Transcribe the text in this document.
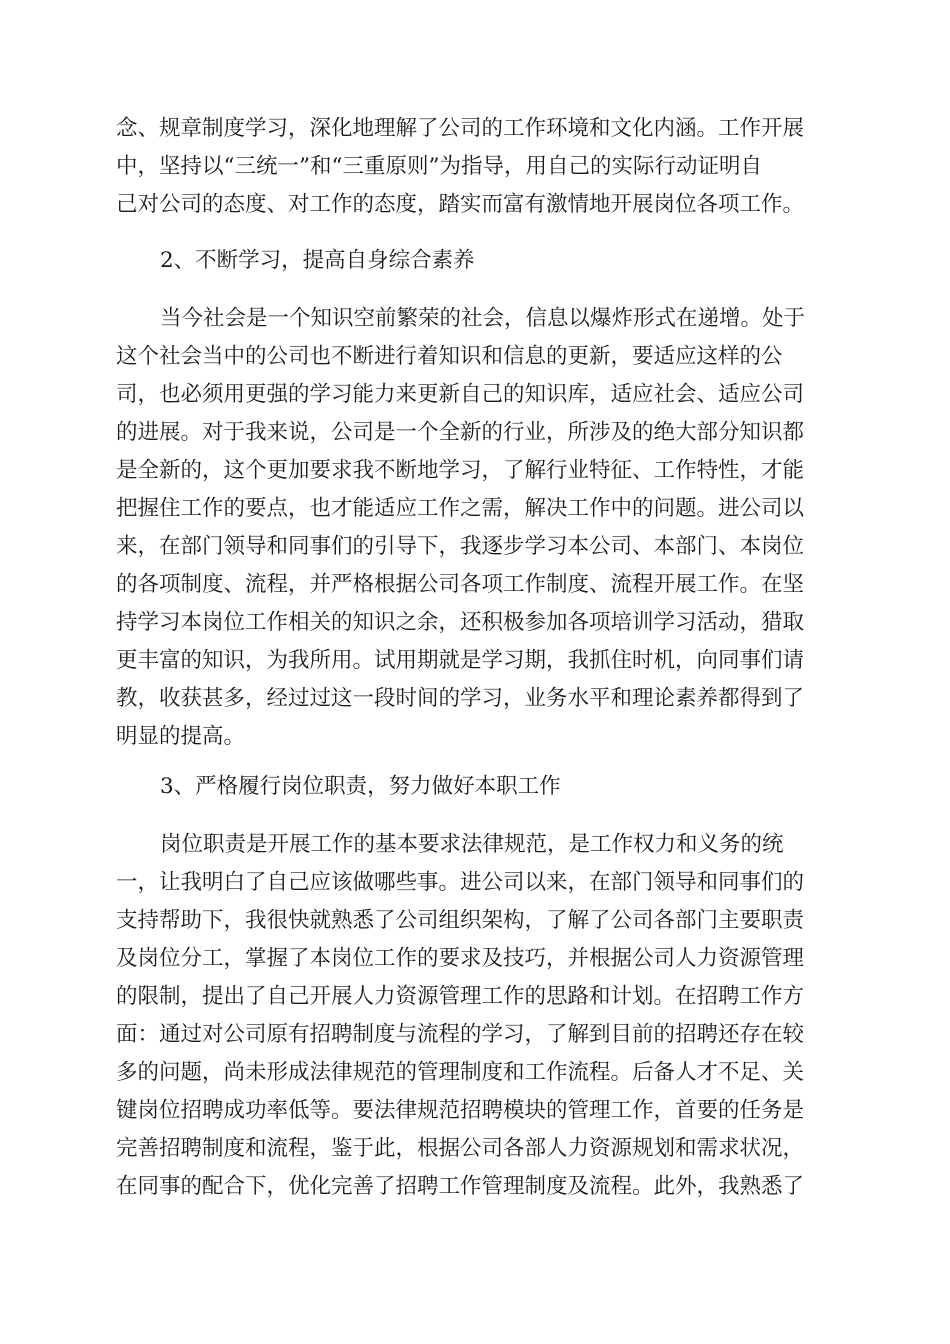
念、规章制度学习，深化地理解了公司的工作环境和文化内涵。工作开展
中，坚持以“三统一”和“三重原则”为指导，用自己的实际行动证明自
己对公司的态度、对工作的态度，踏实而富有激情地开展岗位各项工作。
2、不断学习，提高自身综合素养
当今社会是一个知识空前繁荣的社会，信息以爆炸形式在递增。处于
这个社会当中的公司也不断进行着知识和信息的更新，要适应这样的公
司，也必须用更强的学习能力来更新自己的知识库，适应社会、适应公司
的进展。对于我来说，公司是一个全新的行业，所涉及的绝大部分知识都
是全新的，这个更加要求我不断地学习，了解行业特征、工作特性，才能
把握住工作的要点，也才能适应工作之需，解决工作中的问题。进公司以
来，在部门领导和同事们的引导下，我逐步学习本公司、本部门、本岗位
的各项制度、流程，并严格根据公司各项工作制度、流程开展工作。在坚
持学习本岗位工作相关的知识之余，还积极参加各项培训学习活动，猎取
更丰富的知识，为我所用。试用期就是学习期，我抓住时机，向同事们请
教，收获甚多，经过过这一段时间的学习，业务水平和理论素养都得到了
明显的提高。
3、严格履行岗位职责，努力做好本职工作
岗位职责是开展工作的基本要求法律规范，是工作权力和义务的统
一，让我明白了自己应该做哪些事。进公司以来，在部门领导和同事们的
支持帮助下，我很快就熟悉了公司组织架构，了解了公司各部门主要职责
及岗位分工，掌握了本岗位工作的要求及技巧，并根据公司人力资源管理
的限制，提出了自己开展人力资源管理工作的思路和计划。在招聘工作方
面：通过对公司原有招聘制度与流程的学习，了解到目前的招聘还存在较
多的问题，尚未形成法律规范的管理制度和工作流程。后备人才不足、关
键岗位招聘成功率低等。要法律规范招聘模块的管理工作，首要的任务是
完善招聘制度和流程，鉴于此，根据公司各部人力资源规划和需求状况，
在同事的配合下，优化完善了招聘工作管理制度及流程。此外，我熟悉了
